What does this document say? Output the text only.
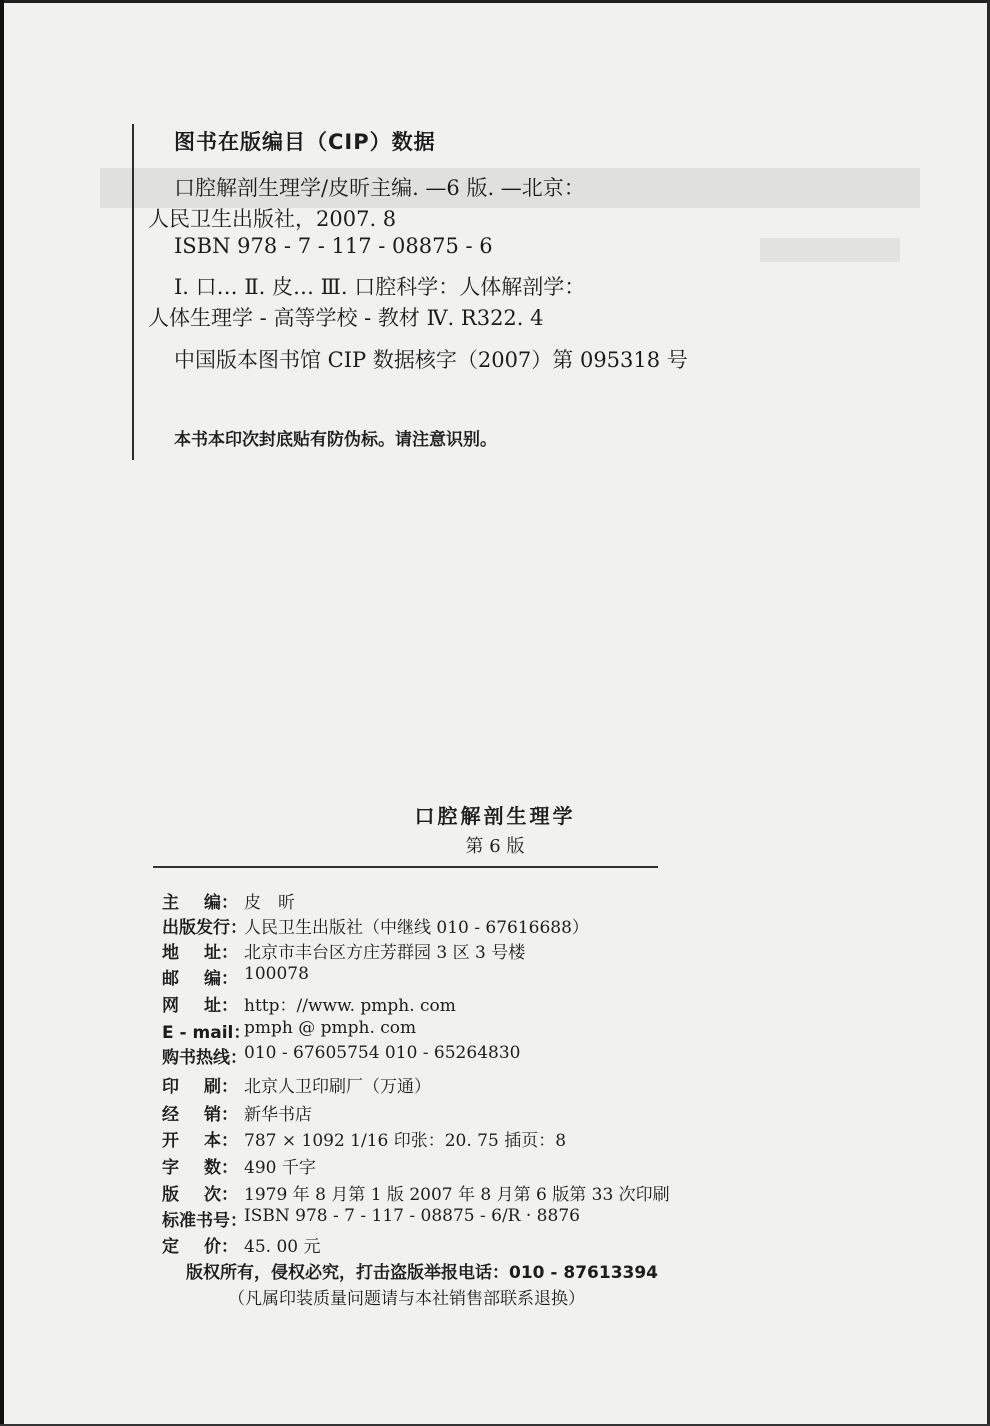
图书在版编目（CIP）数据
口腔解剖生理学/皮昕主编. —6 版. —北京：
人民卫生出版社，2007. 8
ISBN 978 - 7 - 117 - 08875 - 6
Ⅰ. 口… Ⅱ. 皮… Ⅲ. 口腔科学：人体解剖学：
人体生理学 - 高等学校 - 教材 Ⅳ. R322. 4
中国版本图书馆 CIP 数据核字（2007）第 095318 号
本书本印次封底贴有防伪标。请注意识别。
口腔解剖生理学
第 6 版
主 编： 皮　昕
出版发行：
人民卫生出版社（中继线 010 - 67616688）
地 址： 北京市丰台区方庄芳群园 3 区 3 号楼
邮 编： 100078
网 址： http：//www. pmph. com
E - mail：
pmph @ pmph. com
购书热线：
010 - 67605754 010 - 65264830
印 刷： 北京人卫印刷厂（万通）
经 销： 新华书店
开 本： 787 × 1092 1/16 印张：20. 75 插页：8
字 数： 490 千字
版 次： 1979 年 8 月第 1 版 2007 年 8 月第 6 版第 33 次印刷
标准书号：
ISBN 978 - 7 - 117 - 08875 - 6/R · 8876
定 价： 45. 00 元
版权所有，侵权必究，打击盗版举报电话：010 - 87613394
（凡属印装质量问题请与本社销售部联系退换）
